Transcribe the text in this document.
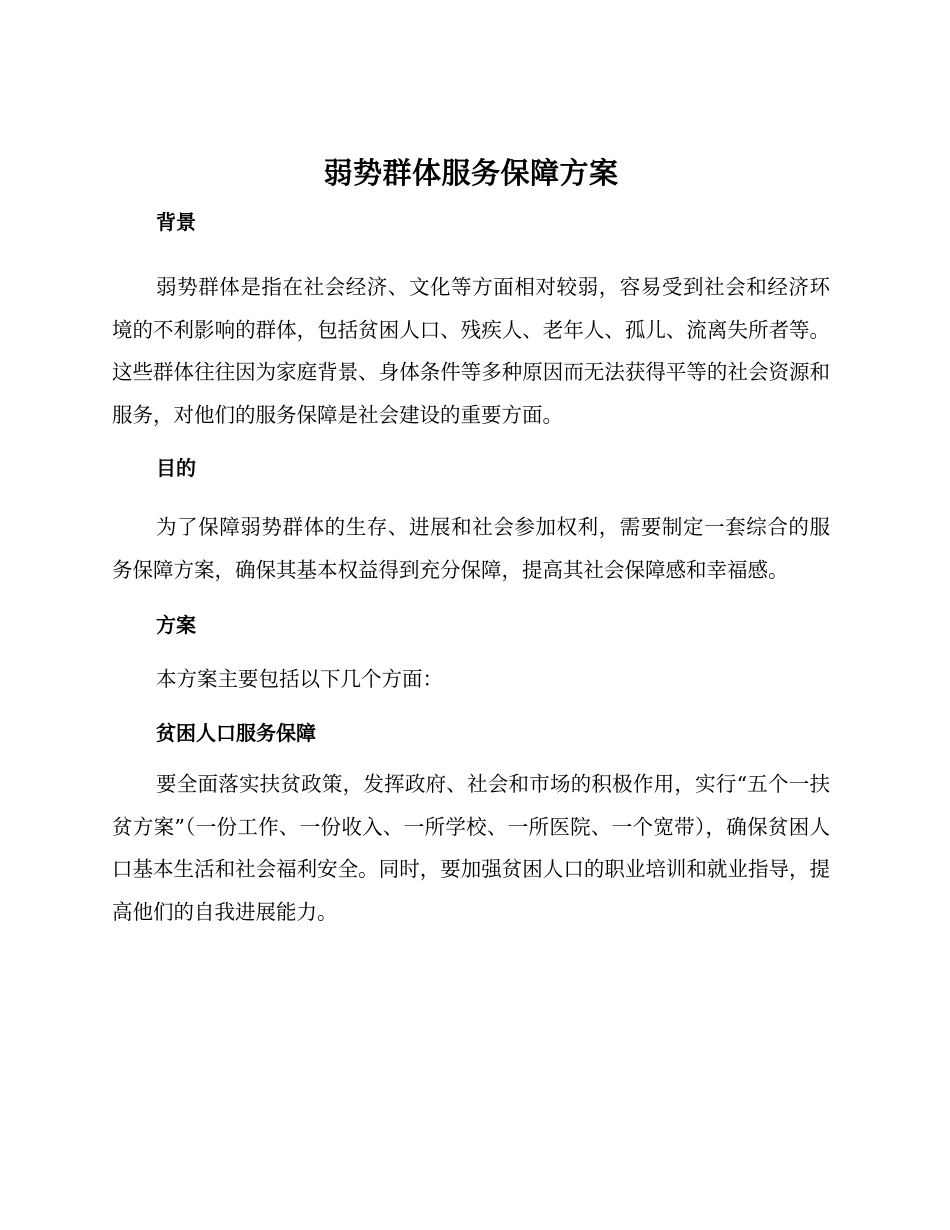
弱势群体服务保障方案
背景

弱势群体是指在社会经济、文化等方面相对较弱，容易受到社会和经济环境的不利影响的群体，包括贫困人口、残疾人、老年人、孤儿、流离失所者等。这些群体往往因为家庭背景、身体条件等多种原因而无法获得平等的社会资源和服务，对他们的服务保障是社会建设的重要方面。

目的

为了保障弱势群体的生存、进展和社会参加权利，需要制定一套综合的服务保障方案，确保其基本权益得到充分保障，提高其社会保障感和幸福感。

方案

本方案主要包括以下几个方面：

贫困人口服务保障

要全面落实扶贫政策，发挥政府、社会和市场的积极作用，实行“五个一扶贫方案”（一份工作、一份收入、一所学校、一所医院、一个宽带），确保贫困人口基本生活和社会福利安全。同时，要加强贫困人口的职业培训和就业指导，提高他们的自我进展能力。
